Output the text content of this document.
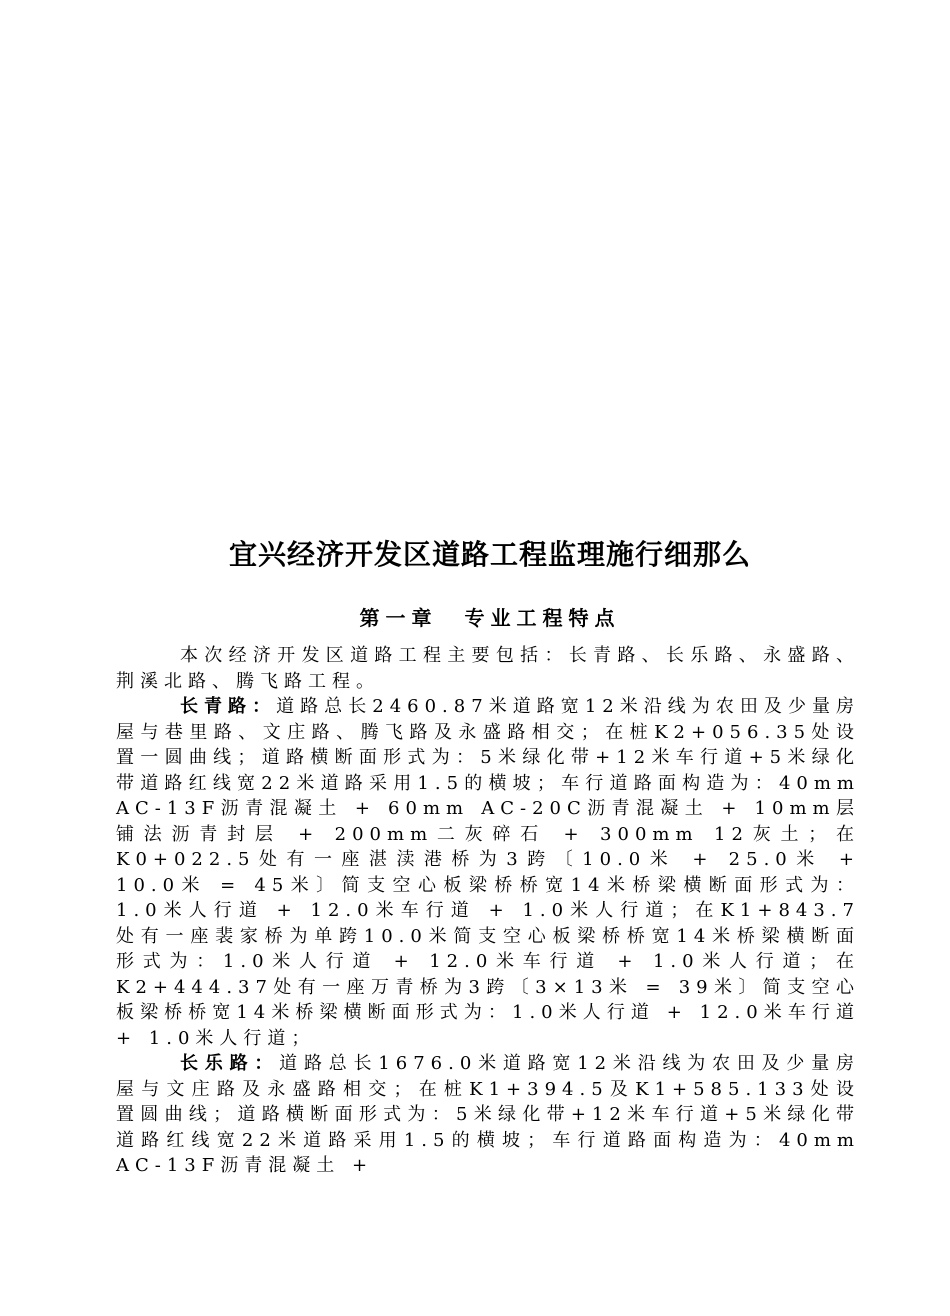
宜兴经济开发区道路工程监理施行细那么
第一章 专业工程特点

本次经济开发区道路工程主要包括：长青路、长乐路、永盛路、荆溪北路、腾飞路工程。

长青路：道路总长2460.87米道路宽12米沿线为农田及少量房屋与巷里路、文庄路、腾飞路及永盛路相交；在桩K2+056.35处设置一圆曲线；道路横断面形式为：5米绿化带+12米车行道+5米绿化带道路红线宽22米道路采用1.5的横坡；车行道路面构造为：40mm AC-13F沥青混凝土 + 60mm AC-20C沥青混凝土 + 10mm层铺法沥青封层 + 200mm二灰碎石 + 300mm 12灰土；在K0+022.5处有一座湛渎港桥为3跨〔10.0米 + 25.0米 + 10.0米 = 45米〕简支空心板梁桥桥宽14米桥梁横断面形式为：1.0米人行道 + 12.0米车行道 + 1.0米人行道；在K1+843.7处有一座裴家桥为单跨10.0米简支空心板梁桥桥宽14米桥梁横断面形式为：1.0米人行道 + 12.0米车行道 + 1.0米人行道；在K2+444.37处有一座万青桥为3跨〔3×13米 = 39米〕简支空心板梁桥桥宽14米桥梁横断面形式为：1.0米人行道 + 12.0米车行道 + 1.0米人行道；

长乐路：道路总长1676.0米道路宽12米沿线为农田及少量房屋与文庄路及永盛路相交；在桩K1+394.5及K1+585.133处设置圆曲线；道路横断面形式为：5米绿化带+12米车行道+5米绿化带道路红线宽22米道路采用1.5的横坡；车行道路面构造为：40mm AC-13F沥青混凝土 +
